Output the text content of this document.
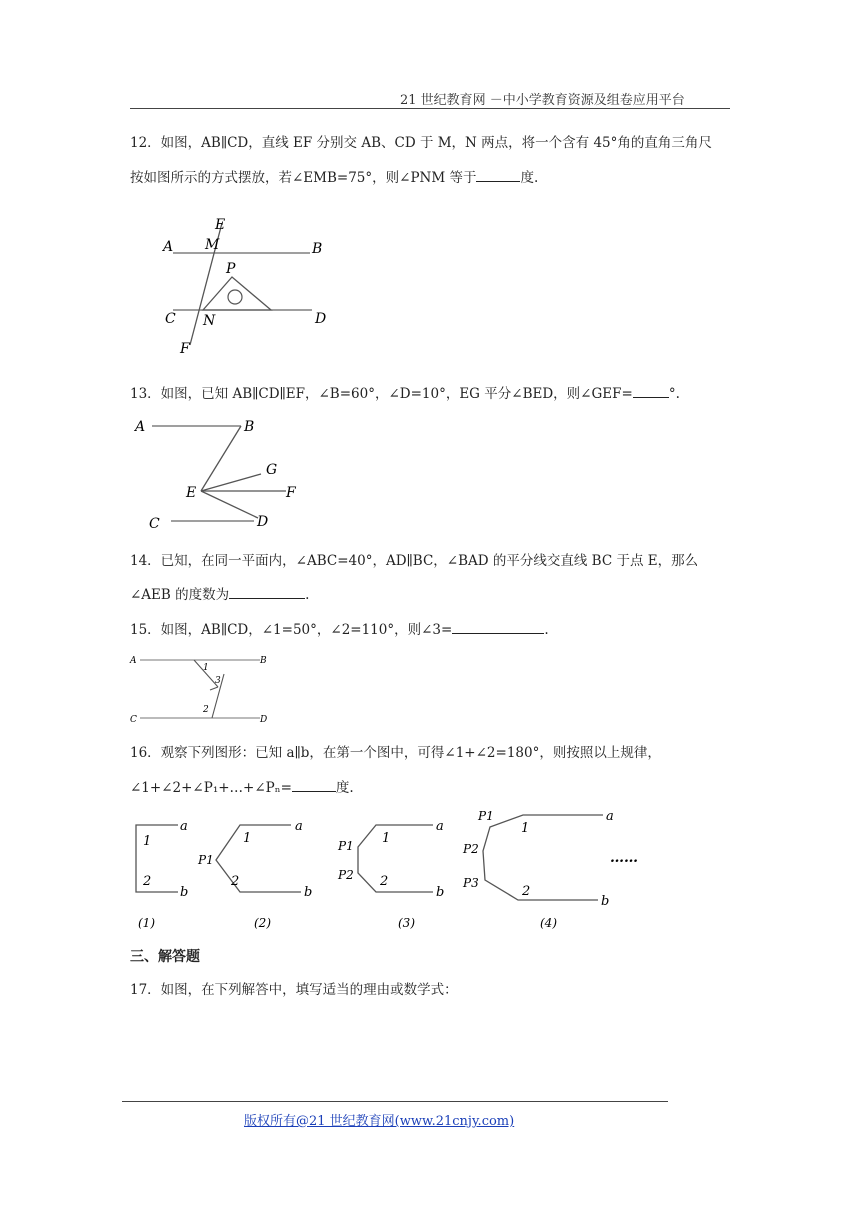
21 世纪教育网 －中小学教育资源及组卷应用平台
12．如图，AB∥CD，直线 EF 分别交 AB、CD 于 M，N 两点，将一个含有 45°角的直角三角尺
按如图所示的方式摆放，若∠EMB=75°，则∠PNM 等于	度.
E
M
A	B
P
C N	D
F
13．如图，已知 AB∥CD∥EF，∠B=60°，∠D=10°，EG 平分∠BED，则∠GEF=	°.
A	B
G
E	F
C	D
14．已知，在同一平面内，∠ABC=40°，AD∥BC，∠BAD 的平分线交直线 BC 于点 E，那么
∠AEB 的度数为	.
15．如图，AB∥CD，∠1=50°，∠2=110°，则∠3=	.
A	B
C	D
1
2
3
16．观察下列图形：已知 a∥b，在第一个图中，可得∠1+∠2=180°，则按照以上规律，
∠1+∠2+∠P₁+…+∠Pₙ=	度.
1
2
a
b
(1)
1
2
P1
a
b
(2)
1
2
P1
P2
a
b
(3)
1
2
P1
P2
P3
a
b
(4)
……
三、解答题
17．如图，在下列解答中，填写适当的理由或数学式：
版权所有@21 世纪教育网(www.21cnjy.com)
